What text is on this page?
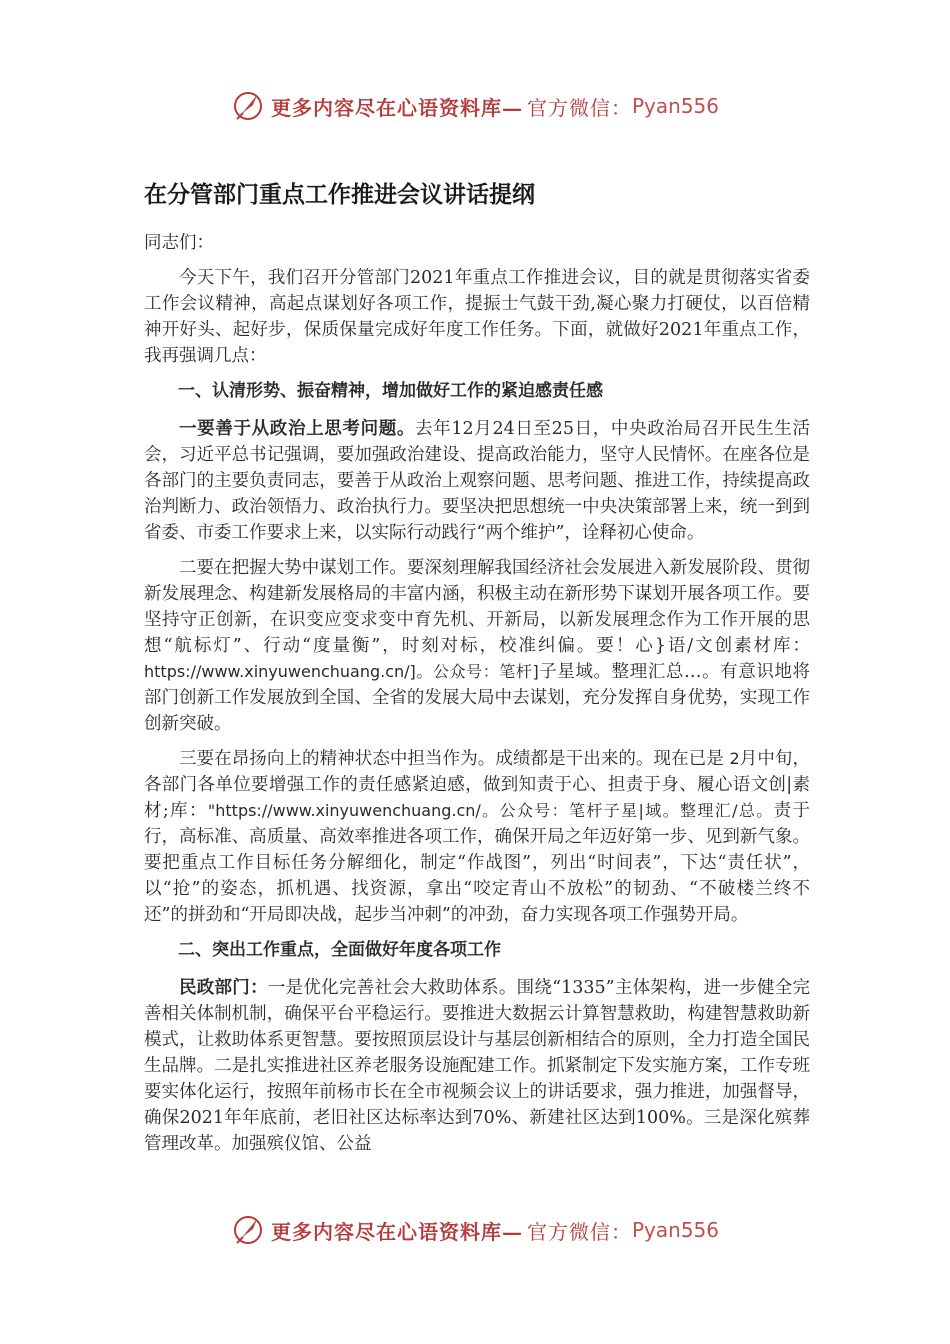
更多内容尽在心语资料库— 官方微信： Pyan556
在分管部门重点工作推进会议讲话提纲

同志们：

今天下午，我们召开分管部门2021年重点工作推进会议，目的就是贯彻落实省委工作会议精神，高起点谋划好各项工作，提振士气鼓干劲,凝心聚力打硬仗，以百倍精神开好头、起好步，保质保量完成好年度工作任务。下面，就做好2021年重点工作，我再强调几点：

一、认清形势、振奋精神，增加做好工作的紧迫感责任感

一要善于从政治上思考问题。去年12月24日至25日，中央政治局召开民生生活会，习近平总书记强调，要加强政治建设、提高政治能力，坚守人民情怀。在座各位是各部门的主要负责同志，要善于从政治上观察问题、思考问题、推进工作，持续提高政治判断力、政治领悟力、政治执行力。要坚决把思想统一中央决策部署上来，统一到到省委、市委工作要求上来，以实际行动践行“两个维护”，诠释初心使命。

二要在把握大势中谋划工作。要深刻理解我国经济社会发展进入新发展阶段、贯彻新发展理念、构建新发展格局的丰富内涵，积极主动在新形势下谋划开展各项工作。要坚持守正创新，在识变应变求变中育先机、开新局，以新发展理念作为工作开展的思想“航标灯”、行动“度量衡”，时刻对标，校准纠偏。要！心}语/文创素材库：https://www.xinyuwenchuang.cn/]。公众号：笔杆]子星域。整理汇总…。有意识地将部门创新工作发展放到全国、全省的发展大局中去谋划，充分发挥自身优势，实现工作创新突破。

三要在昂扬向上的精神状态中担当作为。成绩都是干出来的。现在已是 2月中旬，各部门各单位要增强工作的责任感紧迫感，做到知责于心、担责于身、履心语文创|素材;库："https://www.xinyuwenchuang.cn/。公众号：笔杆子星|域。整理汇/总。责于行，高标准、高质量、高效率推进各项工作，确保开局之年迈好第一步、见到新气象。要把重点工作目标任务分解细化，制定“作战图”，列出“时间表”，下达“责任状”，以“抢”的姿态，抓机遇、找资源，拿出“咬定青山不放松”的韧劲、“不破楼兰终不还”的拼劲和“开局即决战，起步当冲刺”的冲劲，奋力实现各项工作强势开局。

二、突出工作重点，全面做好年度各项工作

民政部门：一是优化完善社会大救助体系。围绕“1335”主体架构，进一步健全完善相关体制机制，确保平台平稳运行。要推进大数据云计算智慧救助，构建智慧救助新模式，让救助体系更智慧。要按照顶层设计与基层创新相结合的原则，全力打造全国民生品牌。二是扎实推进社区养老服务设施配建工作。抓紧制定下发实施方案，工作专班要实体化运行，按照年前杨市长在全市视频会议上的讲话要求，强力推进，加强督导，确保2021年年底前，老旧社区达标率达到70%、新建社区达到100%。三是深化殡葬管理改革。加强殡仪馆、公益

更多内容尽在心语资料库— 官方微信： Pyan556
